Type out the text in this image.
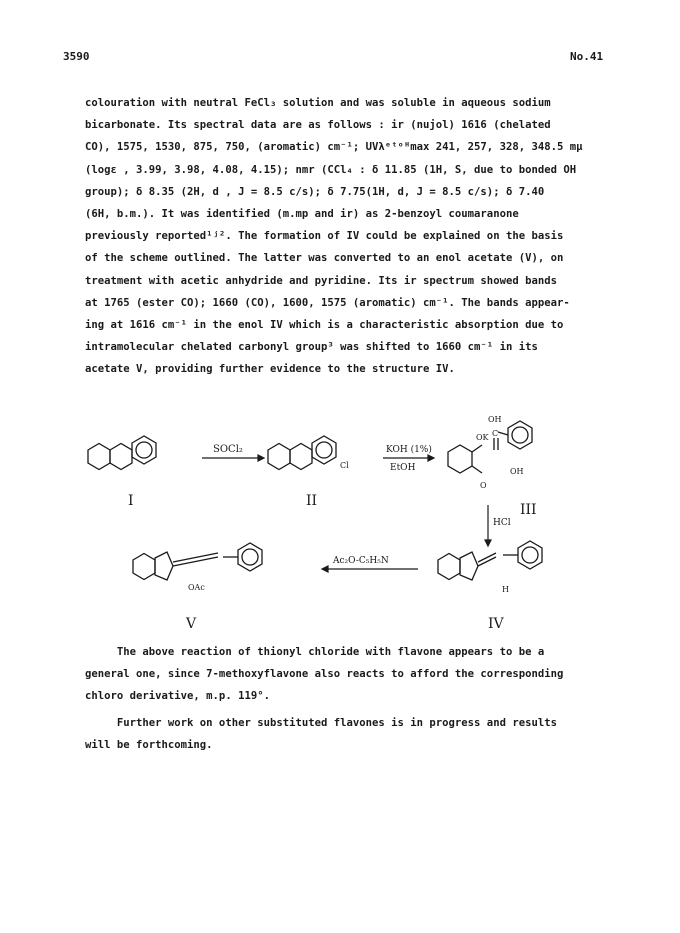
3590	No.41
colouration with neutral FeCl₃ solution and was soluble in aqueous sodium
bicarbonate. Its spectral data are as follows : ir (nujol) 1616 (chelated
CO), 1575, 1530, 875, 750, (aromatic) cm⁻¹; UVλᵉᵗᵒᴴmax 241, 257, 328, 348.5 mμ
(logε , 3.99, 3.98, 4.08, 4.15); nmr (CCl₄ : δ 11.85 (1H, S, due to bonded OH
group); δ 8.35 (2H, d , J = 8.5 c/s); δ 7.75(1H, d, J = 8.5 c/s); δ 7.40
(6H, b.m.). It was identified (m.mp and ir) as 2-benzoyl coumaranone
previously reported¹ʲ². The formation of IV could be explained on the basis
of the scheme outlined. The latter was converted to an enol acetate (V), on
treatment with acetic anhydride and pyridine. Its ir spectrum showed bands
at 1765 (ester CO); 1660 (CO), 1600, 1575 (aromatic) cm⁻¹. The bands appear-
ing at 1616 cm⁻¹ in the enol IV which is a characteristic absorption due to
intramolecular chelated carbonyl group³ was shifted to 1660 cm⁻¹ in its
acetate V, providing further evidence to the structure IV.
SOCl₂	KOH (1%)
EtOH
HCl
Ac₂O-C₅H₅N
Cl
OK
OH
C
O
OH
OAc	H
I	II
III
IV
V
The above reaction of thionyl chloride with flavone appears to be a
general one, since 7-methoxyflavone also reacts to afford the corresponding
chloro derivative, m.p. 119°.
Further work on other substituted flavones is in progress and results
will be forthcoming.
